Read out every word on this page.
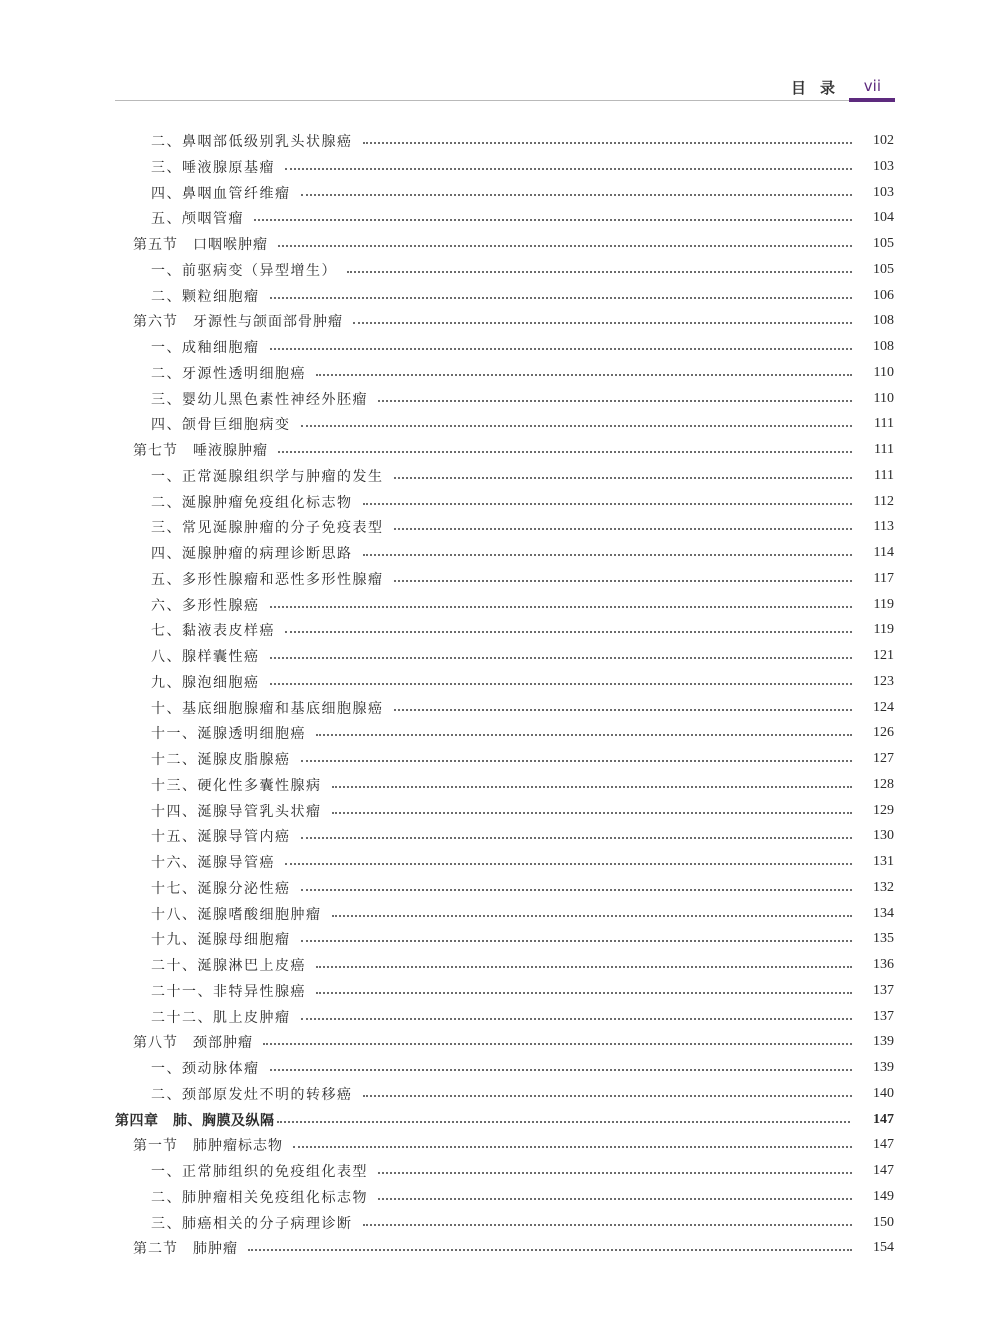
目录 vii
二、鼻咽部低级别乳头状腺癌	102
三、唾液腺原基瘤	103
四、鼻咽血管纤维瘤	103
五、颅咽管瘤	104
第五节　口咽喉肿瘤	105
一、前驱病变（异型增生）	105
二、颗粒细胞瘤	106
第六节　牙源性与颌面部骨肿瘤	108
一、成釉细胞瘤	108
二、牙源性透明细胞癌	110
三、婴幼儿黑色素性神经外胚瘤	110
四、颌骨巨细胞病变	111
第七节　唾液腺肿瘤	111
一、正常涎腺组织学与肿瘤的发生	111
二、涎腺肿瘤免疫组化标志物	112
三、常见涎腺肿瘤的分子免疫表型	113
四、涎腺肿瘤的病理诊断思路	114
五、多形性腺瘤和恶性多形性腺瘤	117
六、多形性腺癌	119
七、黏液表皮样癌	119
八、腺样囊性癌	121
九、腺泡细胞癌	123
十、基底细胞腺瘤和基底细胞腺癌	124
十一、涎腺透明细胞癌	126
十二、涎腺皮脂腺癌	127
十三、硬化性多囊性腺病	128
十四、涎腺导管乳头状瘤	129
十五、涎腺导管内癌	130
十六、涎腺导管癌	131
十七、涎腺分泌性癌	132
十八、涎腺嗜酸细胞肿瘤	134
十九、涎腺母细胞瘤	135
二十、涎腺淋巴上皮癌	136
二十一、非特异性腺癌	137
二十二、肌上皮肿瘤	137
第八节　颈部肿瘤	139
一、颈动脉体瘤	139
二、颈部原发灶不明的转移癌	140
第四章　肺、胸膜及纵隔	147
第一节　肺肿瘤标志物	147
一、正常肺组织的免疫组化表型	147
二、肺肿瘤相关免疫组化标志物	149
三、肺癌相关的分子病理诊断	150
第二节　肺肿瘤	154
